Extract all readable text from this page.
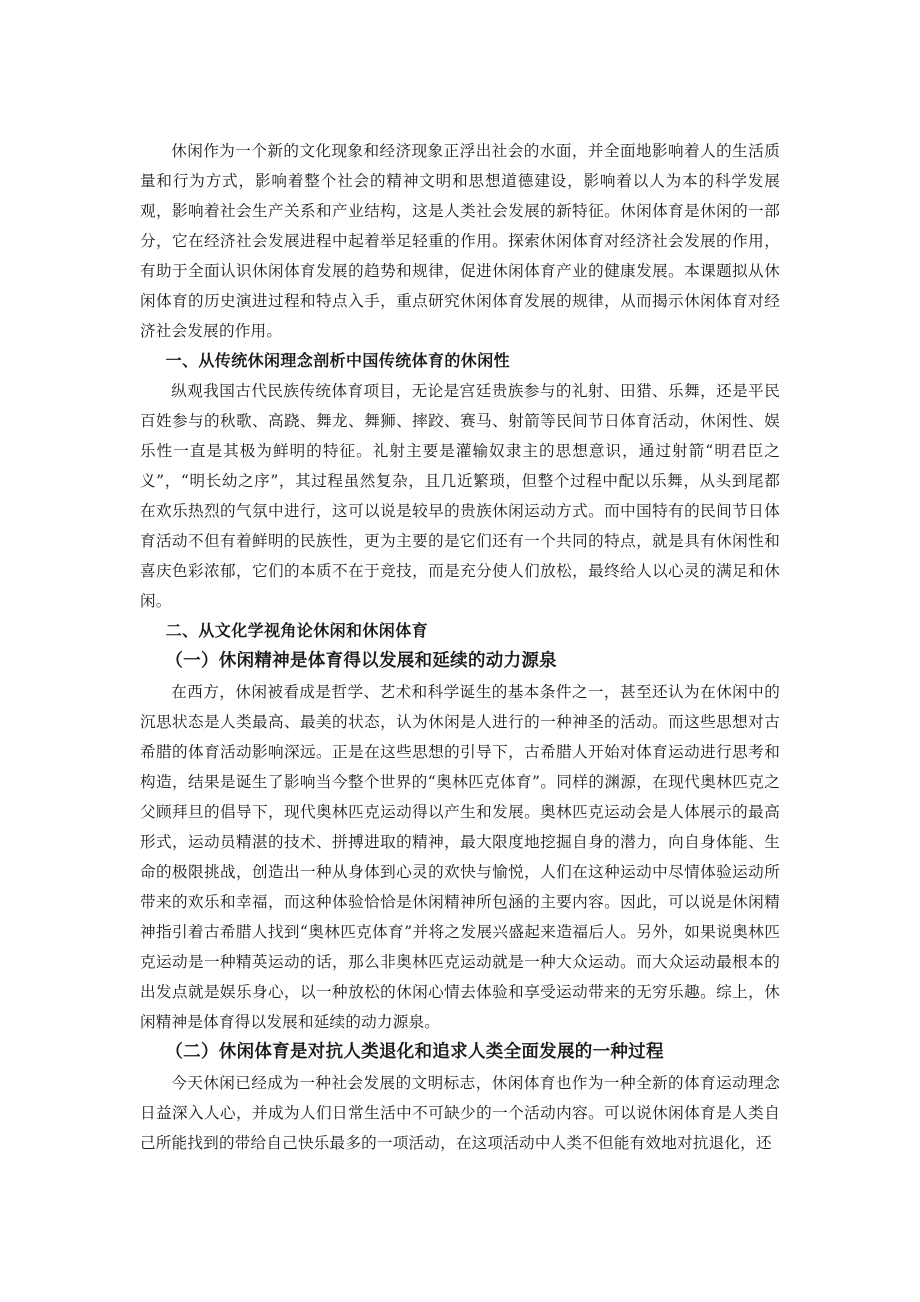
休闲作为一个新的文化现象和经济现象正浮出社会的水面，并全面地影响着人的生活质量和行为方式，影响着整个社会的精神文明和思想道德建设，影响着以人为本的科学发展观，影响着社会生产关系和产业结构，这是人类社会发展的新特征。休闲体育是休闲的一部分，它在经济社会发展进程中起着举足轻重的作用。探索休闲体育对经济社会发展的作用，有助于全面认识休闲体育发展的趋势和规律，促进休闲体育产业的健康发展。本课题拟从休闲体育的历史演进过程和特点入手，重点研究休闲体育发展的规律，从而揭示休闲体育对经济社会发展的作用。

一、从传统休闲理念剖析中国传统体育的休闲性

纵观我国古代民族传统体育项目，无论是宫廷贵族参与的礼射、田猎、乐舞，还是平民百姓参与的秋歌、高跷、舞龙、舞狮、摔跤、赛马、射箭等民间节日体育活动，休闲性、娱乐性一直是其极为鲜明的特征。礼射主要是灌输奴隶主的思想意识，通过射箭“明君臣之义”，“明长幼之序”，其过程虽然复杂，且几近繁琐，但整个过程中配以乐舞，从头到尾都在欢乐热烈的气氛中进行，这可以说是较早的贵族休闲运动方式。而中国特有的民间节日体育活动不但有着鲜明的民族性，更为主要的是它们还有一个共同的特点，就是具有休闲性和喜庆色彩浓郁，它们的本质不在于竞技，而是充分使人们放松，最终给人以心灵的满足和休闲。

二、从文化学视角论休闲和休闲体育
（一）休闲精神是体育得以发展和延续的动力源泉

在西方，休闲被看成是哲学、艺术和科学诞生的基本条件之一，甚至还认为在休闲中的沉思状态是人类最高、最美的状态，认为休闲是人进行的一种神圣的活动。而这些思想对古希腊的体育活动影响深远。正是在这些思想的引导下，古希腊人开始对体育运动进行思考和构造，结果是诞生了影响当今整个世界的“奥林匹克体育”。同样的渊源，在现代奥林匹克之父顾拜旦的倡导下，现代奥林匹克运动得以产生和发展。奥林匹克运动会是人体展示的最高形式，运动员精湛的技术、拼搏进取的精神，最大限度地挖掘自身的潜力，向自身体能、生命的极限挑战，创造出一种从身体到心灵的欢快与愉悦，人们在这种运动中尽情体验运动所带来的欢乐和幸福，而这种体验恰恰是休闲精神所包涵的主要内容。因此，可以说是休闲精神指引着古希腊人找到“奥林匹克体育”并将之发展兴盛起来造福后人。另外，如果说奥林匹克运动是一种精英运动的话，那么非奥林匹克运动就是一种大众运动。而大众运动最根本的出发点就是娱乐身心，以一种放松的休闲心情去体验和享受运动带来的无穷乐趣。综上，休闲精神是体育得以发展和延续的动力源泉。

（二）休闲体育是对抗人类退化和追求人类全面发展的一种过程

今天休闲已经成为一种社会发展的文明标志，休闲体育也作为一种全新的体育运动理念日益深入人心，并成为人们日常生活中不可缺少的一个活动内容。可以说休闲体育是人类自己所能找到的带给自己快乐最多的一项活动，在这项活动中人类不但能有效地对抗退化，还
